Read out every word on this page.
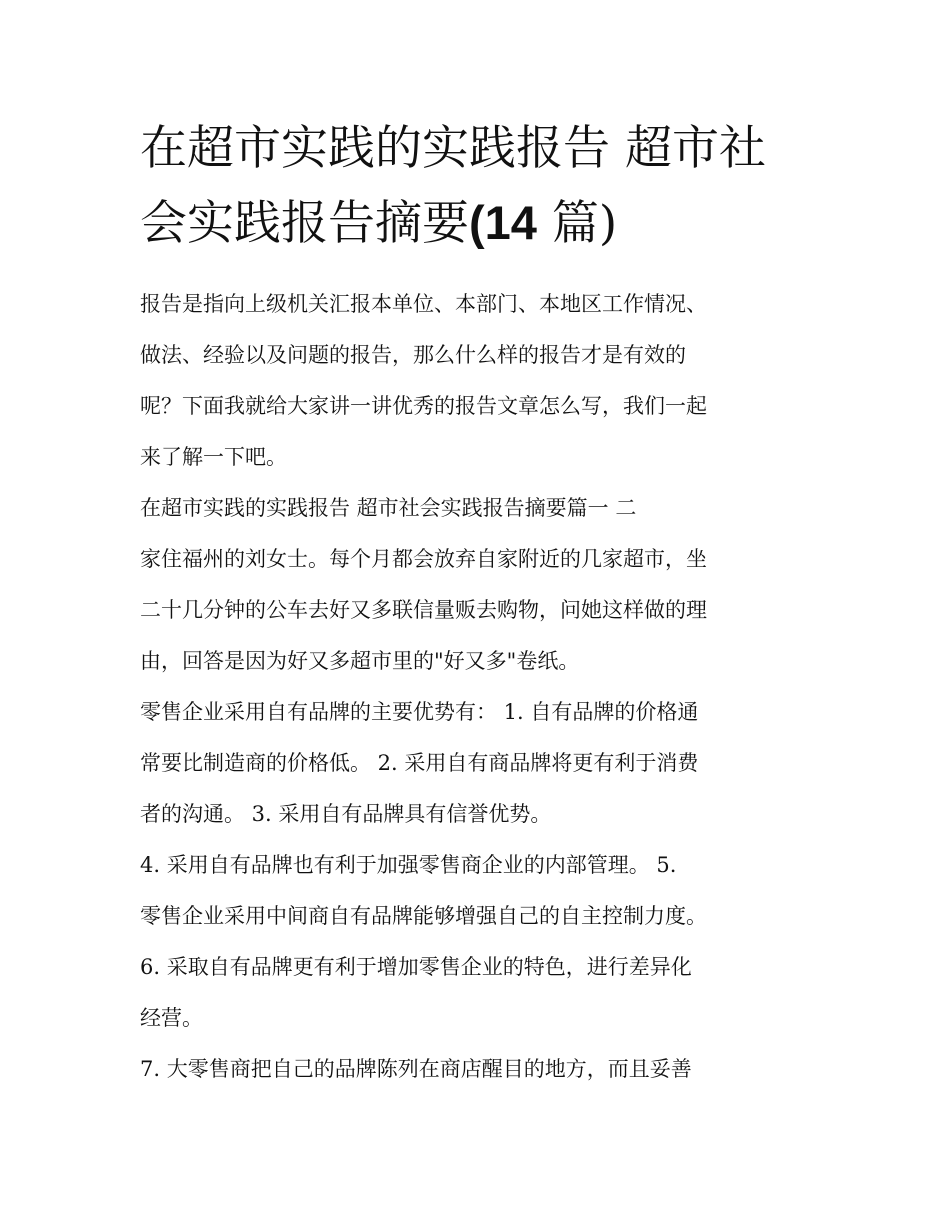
在超市实践的实践报告 超市社
会实践报告摘要(14 篇)
报告是指向上级机关汇报本单位、本部门、本地区工作情况、
做法、经验以及问题的报告，那么什么样的报告才是有效的
呢？下面我就给大家讲一讲优秀的报告文章怎么写，我们一起
来了解一下吧。
在超市实践的实践报告 超市社会实践报告摘要篇一 二
家住福州的刘女士。每个月都会放弃自家附近的几家超市，坐
二十几分钟的公车去好又多联信量贩去购物，问她这样做的理
由，回答是因为好又多超市里的"好又多"卷纸。
零售企业采用自有品牌的主要优势有： 1. 自有品牌的价格通
常要比制造商的价格低。 2. 采用自有商品牌将更有利于消费
者的沟通。 3. 采用自有品牌具有信誉优势。
4. 采用自有品牌也有利于加强零售商企业的内部管理。 5.
零售企业采用中间商自有品牌能够增强自己的自主控制力度。
6. 采取自有品牌更有利于增加零售企业的特色，进行差异化
经营。
7. 大零售商把自己的品牌陈列在商店醒目的地方，而且妥善
